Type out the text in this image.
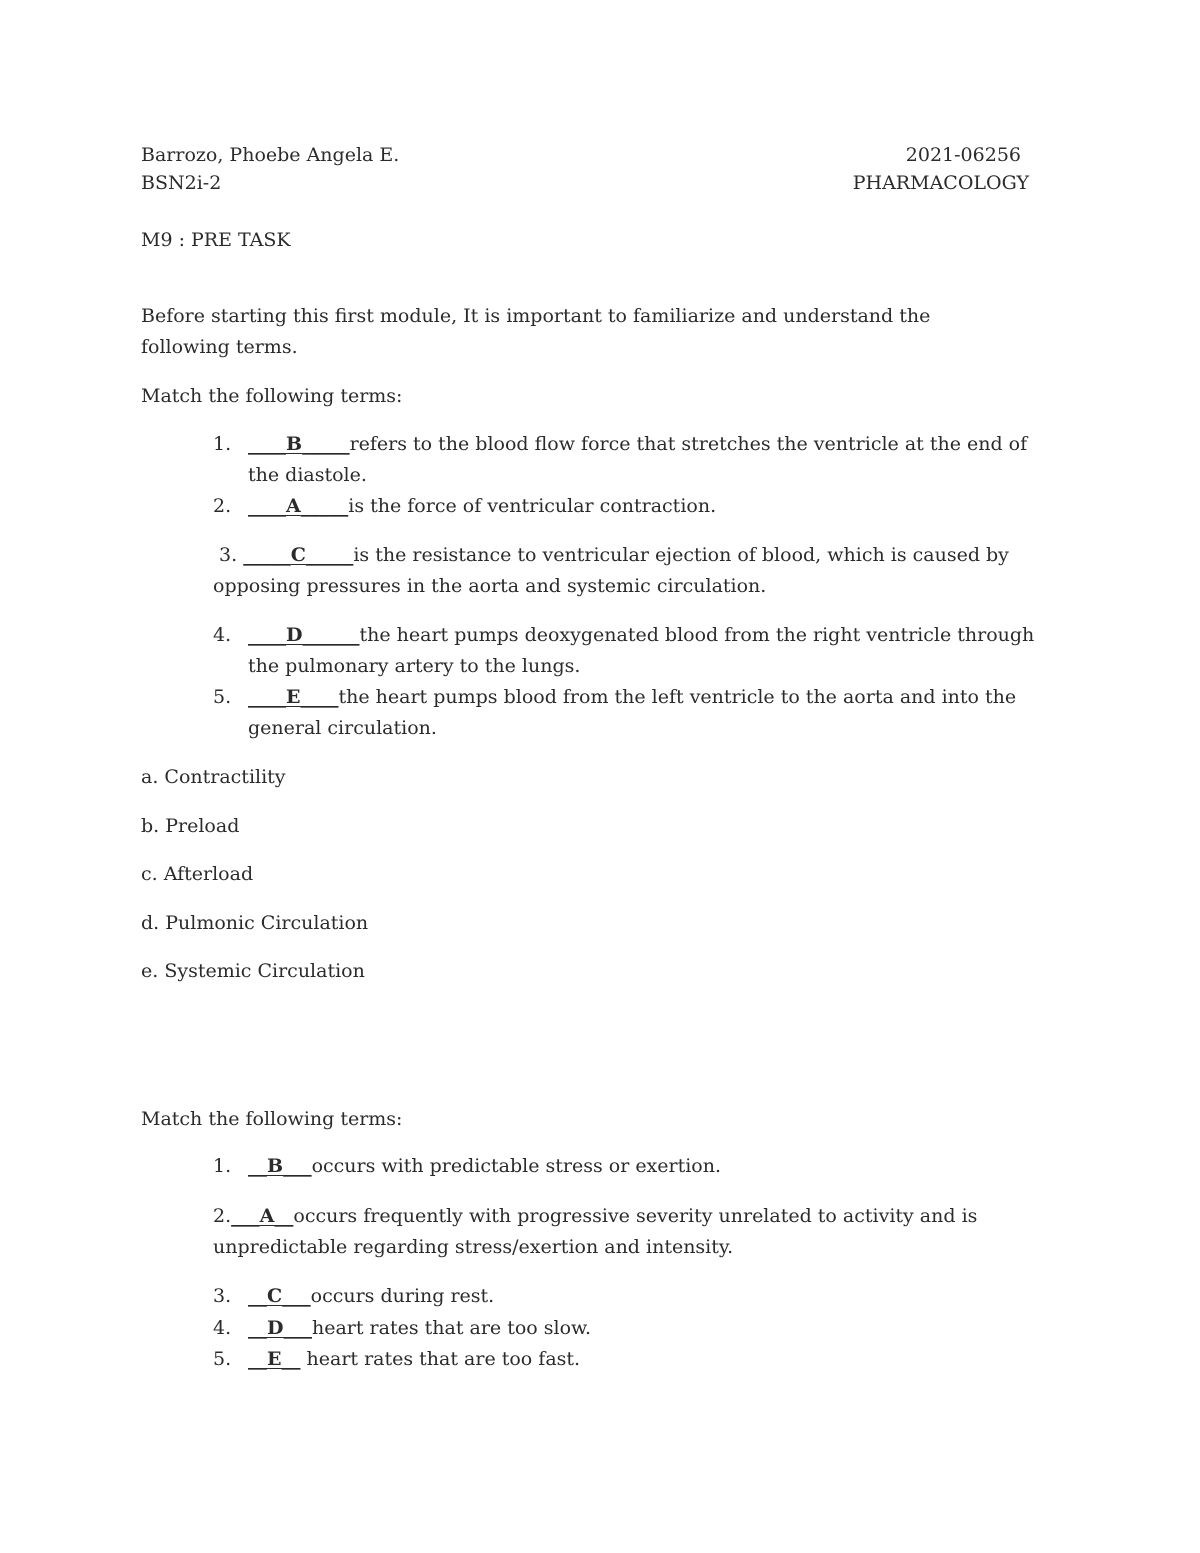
Barrozo, Phoebe Angela E.	2021-06256
BSN2i-2	PHARMACOLOGY
M9 : PRE TASK
Before starting this first module, It is important to familiarize and understand the following terms.
Match the following terms:
1. ____B_____refers to the blood flow force that stretches the ventricle at the end of the diastole.
2. ____A_____is the force of ventricular contraction.
3. _____C_____is the resistance to ventricular ejection of blood, which is caused by opposing pressures in the aorta and systemic circulation.
4. ____D______the heart pumps deoxygenated blood from the right ventricle through the pulmonary artery to the lungs.
5. ____E____the heart pumps blood from the left ventricle to the aorta and into the general circulation.
a. Contractility
b. Preload
c. Afterload
d. Pulmonic Circulation
e. Systemic Circulation
Match the following terms:
1. __B___occurs with predictable stress or exertion.
2.___A__occurs frequently with progressive severity unrelated to activity and is unpredictable regarding stress/exertion and intensity.
3. __C___occurs during rest.
4. __D___heart rates that are too slow.
5. __E__ heart rates that are too fast.
